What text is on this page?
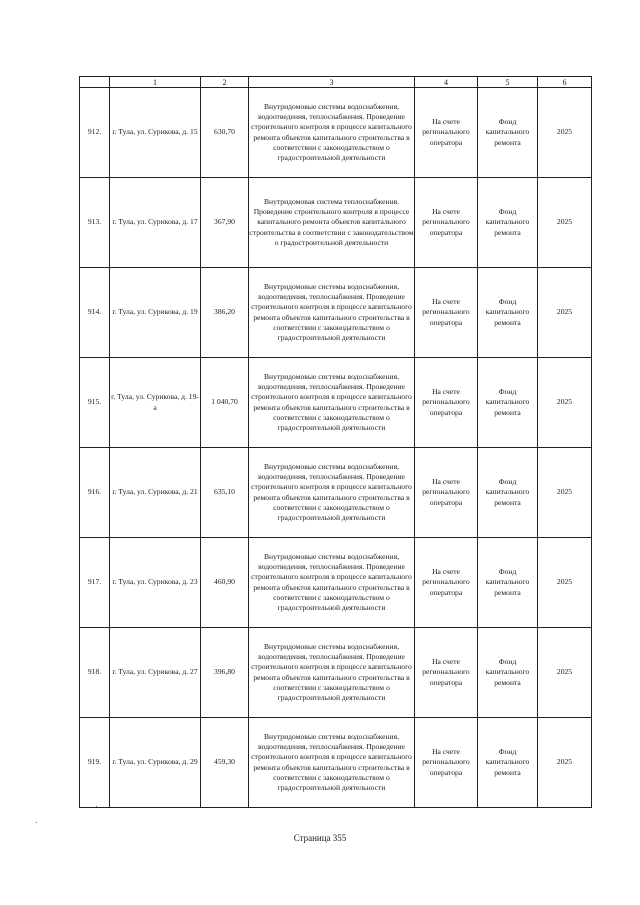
	1	2	3	4	5	6
912.	г. Тула, ул. Сурикова, д. 15	630,70	Внутридомовые системы водоснабжения, водоотведения, теплоснабжения. Проведение строительного контроля в процессе капитального ремонта объектов капитального строительства в соответствии с законодательством о градостроительной деятельности	На счете регионального оператора	Фонд капитального ремонта	2025
913.	г. Тула, ул. Сурикова, д. 17	367,90	Внутридомовая система теплоснабжения. Проведение строительного контроля в процессе капитального ремонта объектов капитального строительства в соответствии с законодательством о градостроительной деятельности	На счете регионального оператора	Фонд капитального ремонта	2025
914.	г. Тула, ул. Сурикова, д. 19	386,20	Внутридомовые системы водоснабжения, водоотведения, теплоснабжения. Проведение строительного контроля в процессе капитального ремонта объектов капитального строительства в соответствии с законодательством о градостроительной деятельности	На счете регионального оператора	Фонд капитального ремонта	2025
915.	г. Тула, ул. Сурикова, д. 19-а	1 040,70	Внутридомовые системы водоснабжения, водоотведения, теплоснабжения. Проведение строительного контроля в процессе капитального ремонта объектов капитального строительства в соответствии с законодательством о градостроительной деятельности	На счете регионального оператора	Фонд капитального ремонта	2025
916.	г. Тула, ул. Сурикова, д. 21	635,10	Внутридомовые системы водоснабжения, водоотведения, теплоснабжения. Проведение строительного контроля в процессе капитального ремонта объектов капитального строительства в соответствии с законодательством о градостроительной деятельности	На счете регионального оператора	Фонд капитального ремонта	2025
917.	г. Тула, ул. Сурикова, д. 23	460,90	Внутридомовые системы водоснабжения, водоотведения, теплоснабжения. Проведение строительного контроля в процессе капитального ремонта объектов капитального строительства в соответствии с законодательством о градостроительной деятельности	На счете регионального оператора	Фонд капитального ремонта	2025
918.	г. Тула, ул. Сурикова, д. 27	396,80	Внутридомовые системы водоснабжения, водоотведения, теплоснабжения. Проведение строительного контроля в процессе капитального ремонта объектов капитального строительства в соответствии с законодательством о градостроительной деятельности	На счете регионального оператора	Фонд капитального ремонта	2025
919.	г. Тула, ул. Сурикова, д. 29	459,30	Внутридомовые системы водоснабжения, водоотведения, теплоснабжения. Проведение строительного контроля в процессе капитального ремонта объектов капитального строительства в соответствии с законодательством о градостроительной деятельности	На счете регионального оператора	Фонд капитального ремонта	2025
Страница 355
